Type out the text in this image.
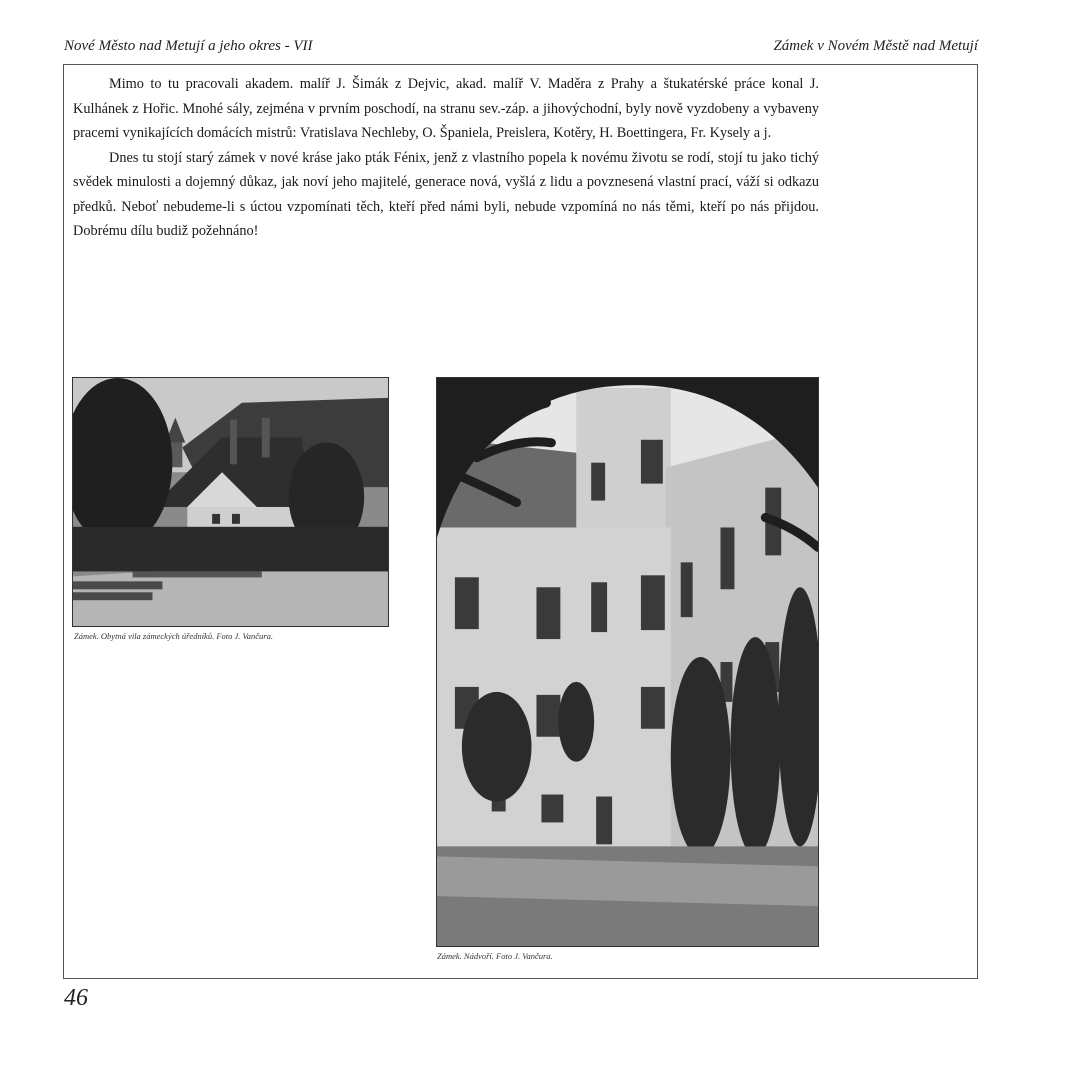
Nové Město nad Metují a jeho okres - VII	Zámek v Novém Městě nad Metují

Mimo to tu pracovali akadem. malíř J. Šimák z Dejvic, akad. malíř V. Maděra z Prahy a štukatérské práce konal J. Kulhánek z Hořic. Mnohé sály, zejména v prvním poschodí, na stranu sev.-záp. a jihovýchodní, byly nově vyzdobeny a vybaveny pracemi vynikajících domácích mistrů: Vratislava Nechleby, O. Španiela, Preislera, Kotěry, H. Boettingera, Fr. Kysely a j.

Dnes tu stojí starý zámek v nové kráse jako pták Fénix, jenž z vlastního popela k novému životu se rodí, stojí tu jako tichý svědek minulosti a dojemný důkaz, jak noví jeho majitelé, generace nová, vyšlá z lidu a povznesená vlastní prací, váží si odkazu předků. Neboť nebudeme-li s úctou vzpomínati těch, kteří před námi byli, nebude vzpomíná no nás těmi, kteří po nás přijdou. Dobrému dílu budiž požehnáno!

Zámek. Obytná vila zámeckých úředníků. Foto J. Vančura.
Zámek. Nádvoří. Foto J. Vančura.
46
